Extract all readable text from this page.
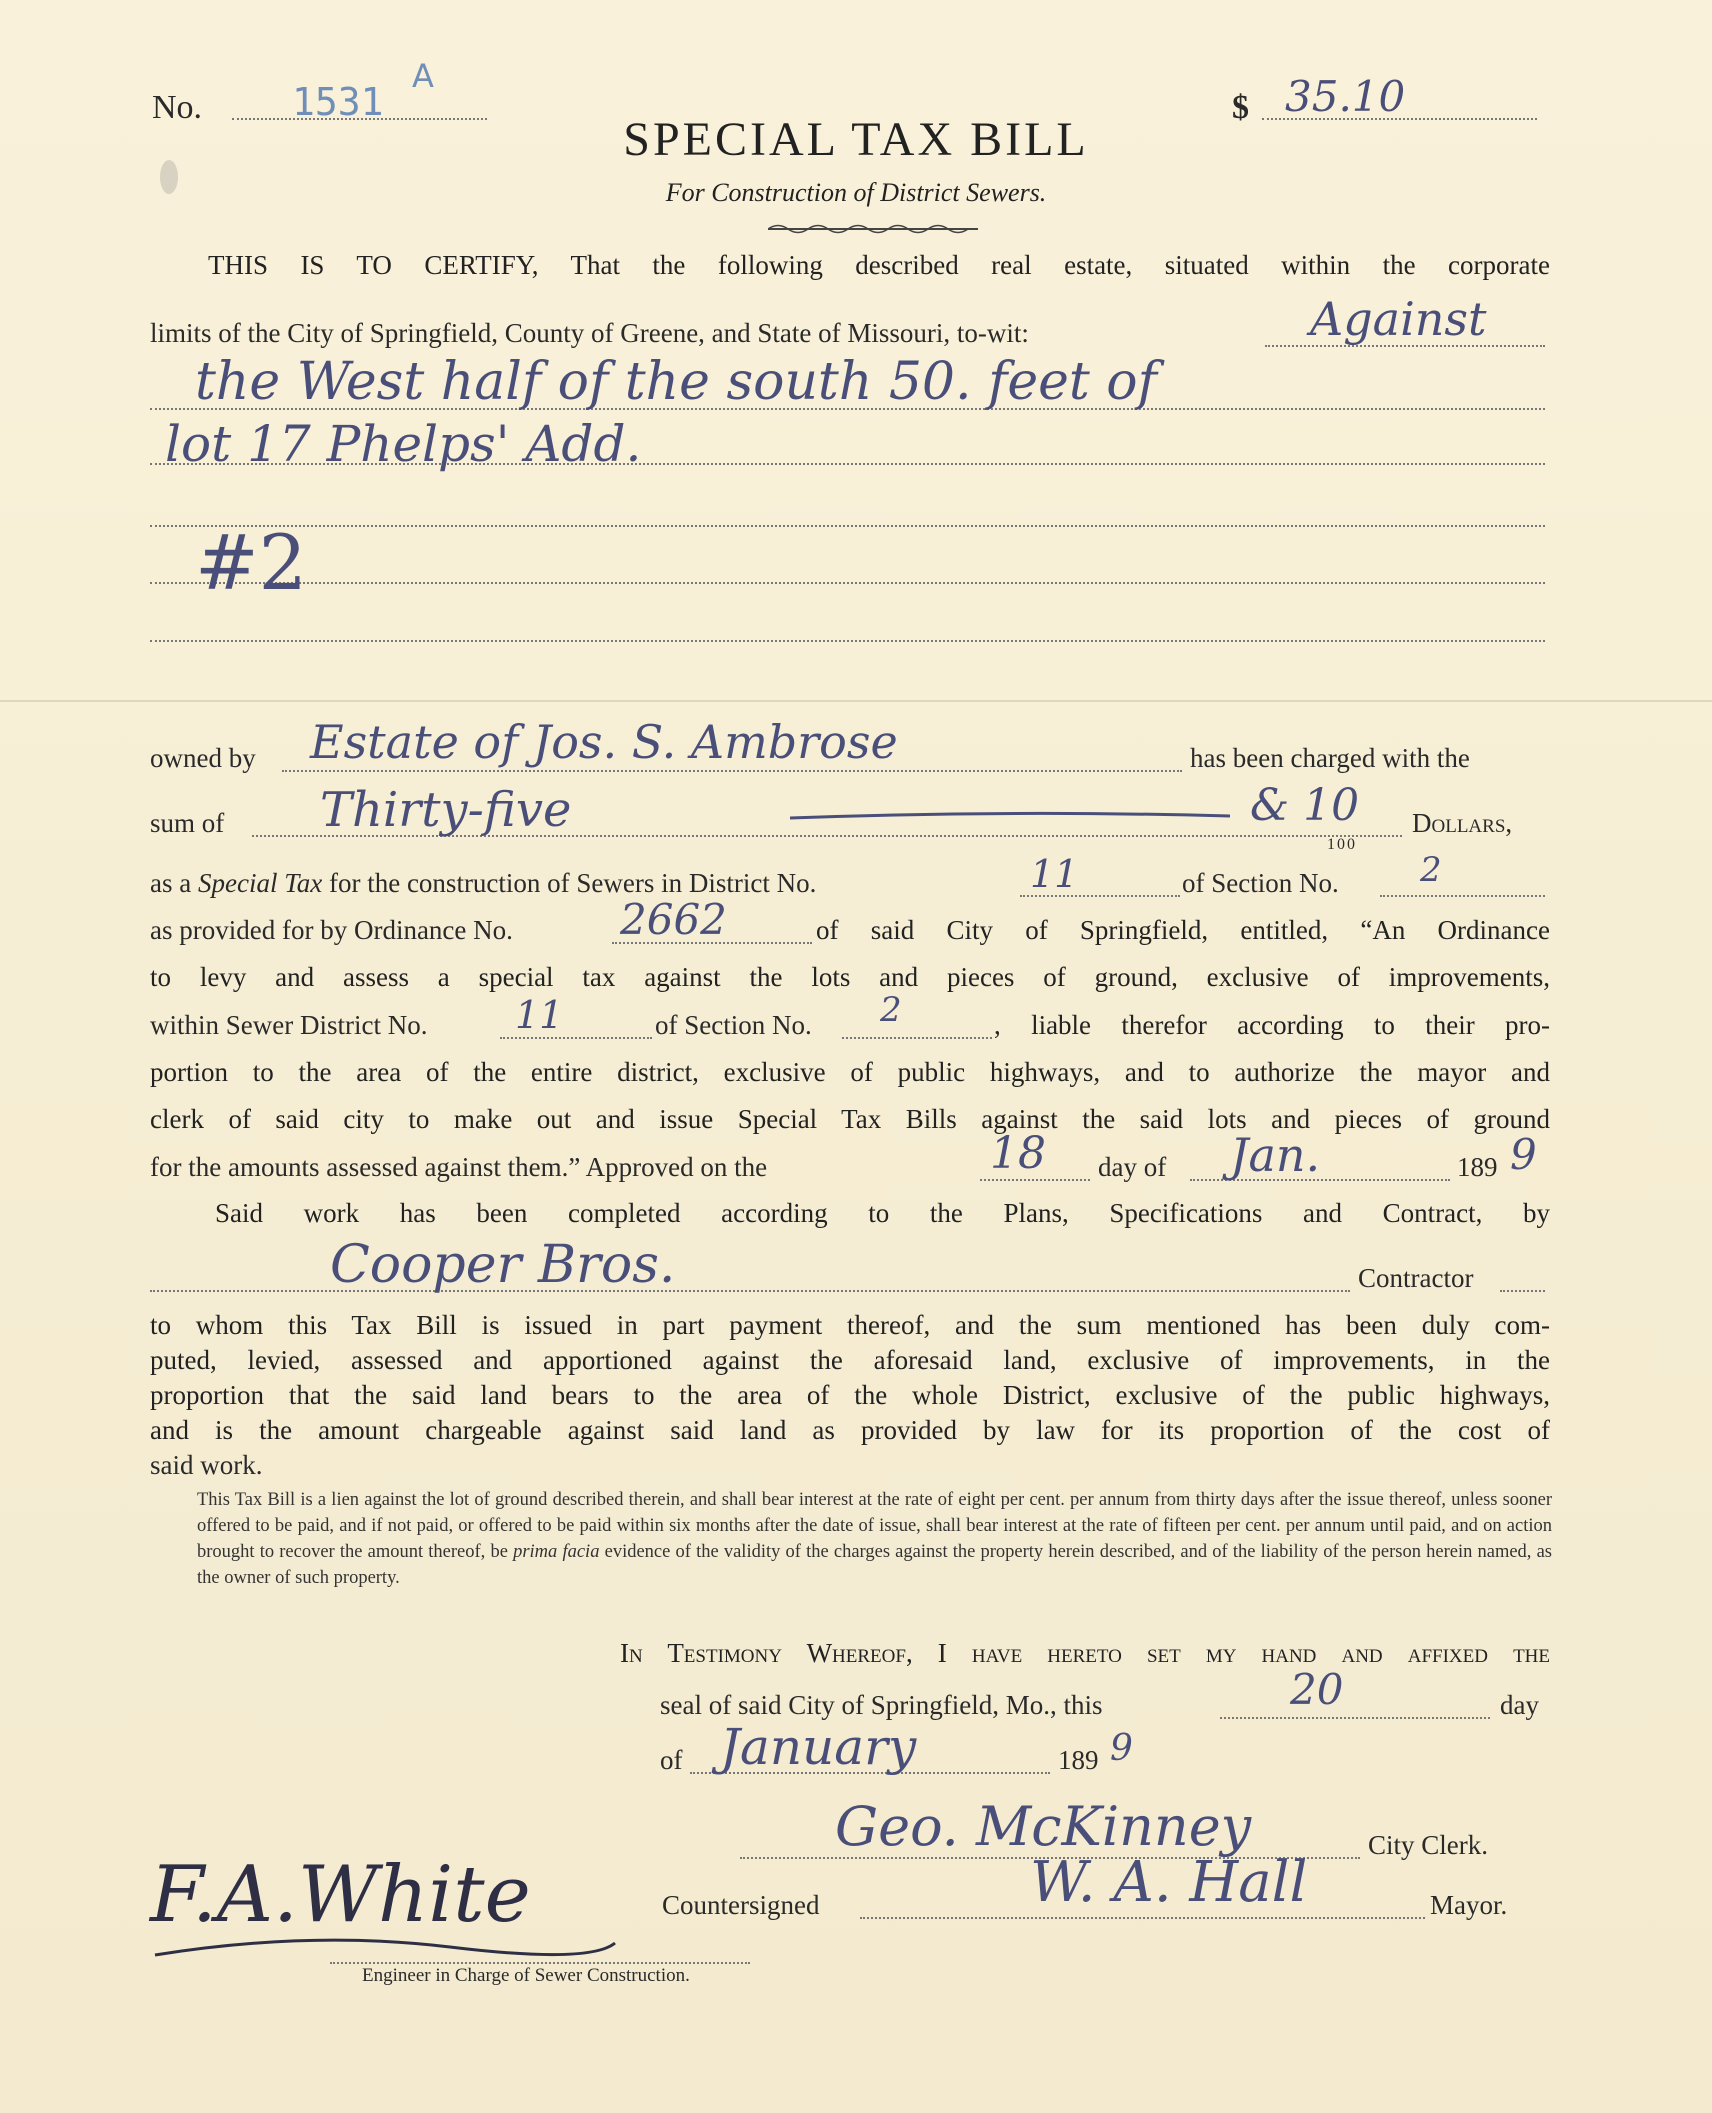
No. 1531
A
$ 35.10
SPECIAL TAX BILL
For Construction of District Sewers.
THIS IS TO CERTIFY, That the following described real estate, situated within the corporate
limits of the City of Springfield, County of Greene, and State of Missouri, to-wit:	Against
the West half of the south 50. feet of
lot 17 Phelps' Add.
#2
owned by Estate of Jos. S. Ambrose	has been charged with the
sum of Thirty-five	& 10
100
Dollars,
as a Special Tax for the construction of Sewers in District No.	11	of Section No. 2
as provided for by Ordinance No.	2662	of said City of Springfield, entitled, “An Ordinance
to levy and assess a special tax against the lots and pieces of ground, exclusive of improvements,
within Sewer District No. 11	of Section No. 2	, liable therefor according to their pro-
portion to the area of the entire district, exclusive of public highways, and to authorize the mayor and
clerk of said city to make out and issue Special Tax Bills against the said lots and pieces of ground
for the amounts assessed against them.” Approved on the	18 day of Jan.	189 9
Said work has been completed according to the Plans, Specifications and Contract, by
Cooper Bros.	Contractor
to whom this Tax Bill is issued in part payment thereof, and the sum mentioned has been duly com-
puted, levied, assessed and apportioned against the aforesaid land, exclusive of improvements, in the
proportion that the said land bears to the area of the whole District, exclusive of the public highways,
and is the amount chargeable against said land as provided by law for its proportion of the cost of
said work.

This Tax Bill is a lien against the lot of ground described therein, and shall bear interest at the rate of eight per cent. per annum from thirty days after the issue thereof, unless sooner offered to be paid, and if not paid, or offered to be paid within six months after the date of issue, shall bear interest at the rate of fifteen per cent. per annum until paid, and on action brought to recover the amount thereof, be prima facia evidence of the validity of the charges against the property herein described, and of the liability of the person herein named, as the owner of such property.

In Testimony Whereof, I have hereto set my hand and affixed the
seal of said City of Springfield, Mo., this	20	day
of January	189 9
Geo. McKinney	City Clerk.
Countersigned	W. A. Hall	Mayor.
F.A.White
Engineer in Charge of Sewer Construction.
